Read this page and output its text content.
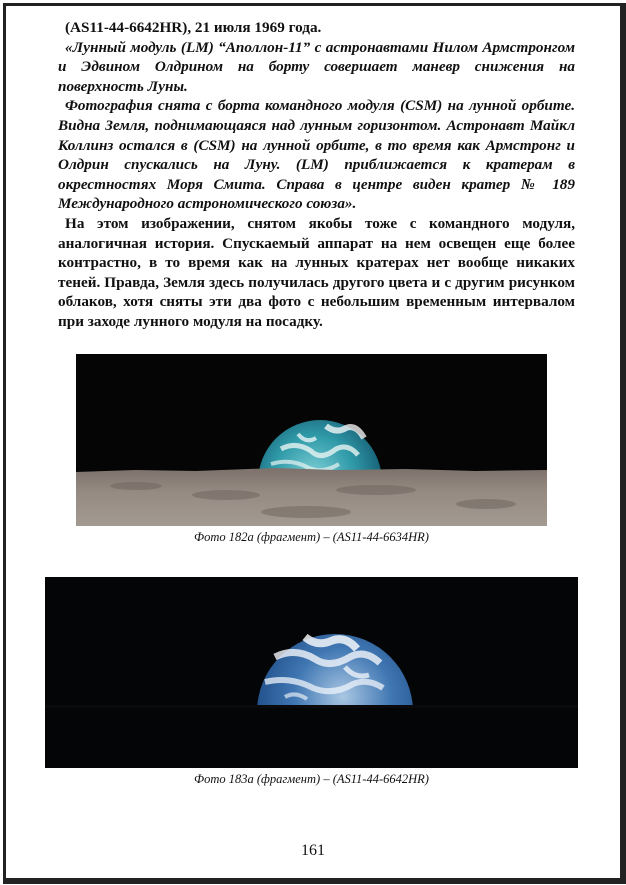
(AS11-44-6642HR), 21 июля 1969 года.

«Лунный модуль (LM) “Аполлон-11” с астронавтами Нилом Армстронгом и Эдвином Олдрином на борту совершает маневр снижения на поверхность Луны.

Фотография снята с борта командного модуля (CSM) на лунной орбите. Видна Земля, поднимающаяся над лунным горизонтом. Астронавт Майкл Коллинз остался в (CSM) на лунной орбите, в то время как Армстронг и Олдрин спускались на Луну. (LM) приближается к кратерам в окрестностях Моря Смита. Справа в центре виден кратер № 189 Международного астрономического союза».

На этом изображении, снятом якобы тоже с командного модуля, аналогичная история. Спускаемый аппарат на нем освещен еще более контрастно, в то время как на лунных кратерах нет вообще никаких теней. Правда, Земля здесь получилась другого цвета и с другим рисунком облаков, хотя сняты эти два фото с небольшим временным интервалом при заходе лунного модуля на посадку.

Фото 182а (фрагмент) – (AS11-44-6634HR)
Фото 183а (фрагмент) – (AS11-44-6642HR)
161
